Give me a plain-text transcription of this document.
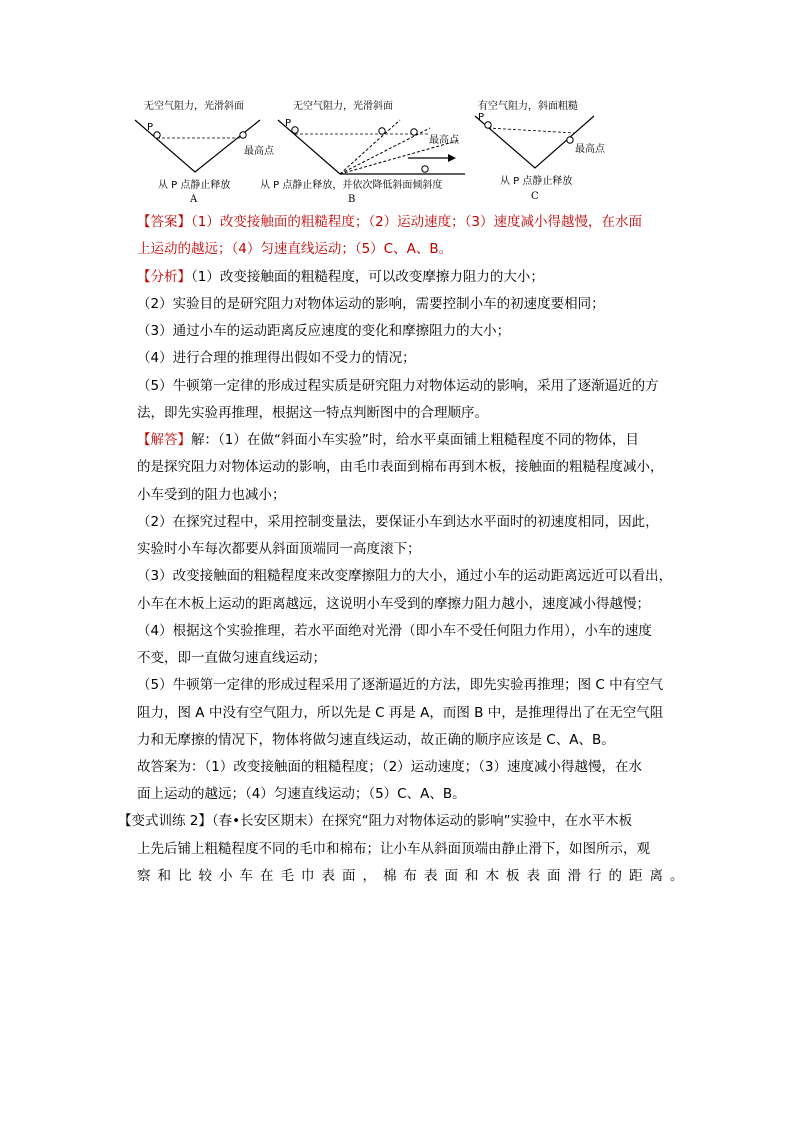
无空气阻力，光滑斜面
P
最高点
从 P 点静止释放
A
无空气阻力，光滑斜面
P
最高点
从 P 点静止释放，并依次降低斜面倾斜度
B
有空气阻力，斜面粗糙
P
最高点
从 P 点静止释放
C
【答案】（1）改变接触面的粗糙程度；（2）运动速度；（3）速度减小得越慢，在水面
上运动的越远；（4）匀速直线运动；（5）C、A、B。
【分析】（1）改变接触面的粗糙程度，可以改变摩擦力阻力的大小；
（2）实验目的是研究阻力对物体运动的影响，需要控制小车的初速度要相同；
（3）通过小车的运动距离反应速度的变化和摩擦阻力的大小；
（4）进行合理的推理得出假如不受力的情况；
（5）牛顿第一定律的形成过程实质是研究阻力对物体运动的影响，采用了逐渐逼近的方
法，即先实验再推理，根据这一特点判断图中的合理顺序。
【解答】解：（1）在做“斜面小车实验”时，给水平桌面铺上粗糙程度不同的物体，目
的是探究阻力对物体运动的影响，由毛巾表面到棉布再到木板，接触面的粗糙程度减小，
小车受到的阻力也减小；
（2）在探究过程中，采用控制变量法，要保证小车到达水平面时的初速度相同，因此，
实验时小车每次都要从斜面顶端同一高度滚下；
（3）改变接触面的粗糙程度来改变摩擦阻力的大小，通过小车的运动距离远近可以看出，
小车在木板上运动的距离越远，这说明小车受到的摩擦力阻力越小，速度减小得越慢；
（4）根据这个实验推理，若水平面绝对光滑（即小车不受任何阻力作用），小车的速度
不变，即一直做匀速直线运动；
（5）牛顿第一定律的形成过程采用了逐渐逼近的方法，即先实验再推理；图 C 中有空气
阻力，图 A 中没有空气阻力，所以先是 C 再是 A，而图 B 中，是推理得出了在无空气阻
力和无摩擦的情况下，物体将做匀速直线运动，故正确的顺序应该是 C、A、B。
故答案为：（1）改变接触面的粗糙程度；（2）运动速度；（3）速度减小得越慢，在水
面上运动的越远；（4）匀速直线运动；（5）C、A、B。
【变式训练 2】（春•长安区期末）在探究“阻力对物体运动的影响”实验中，在水平木板
上先后铺上粗糙程度不同的毛巾和棉布；让小车从斜面顶端由静止滑下，如图所示，观
察和比较小车在毛巾表面，棉布表面和木板表面滑行的距离。
